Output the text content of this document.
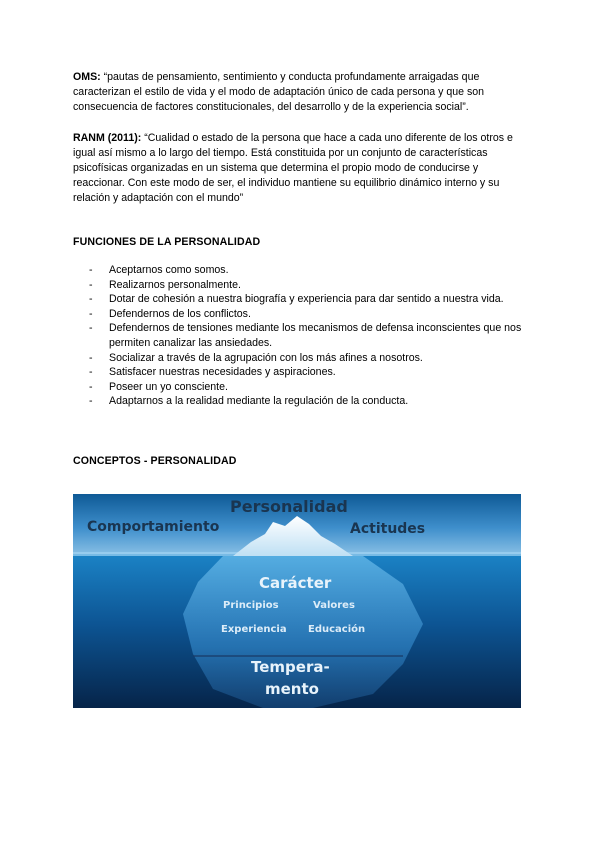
OMS: “pautas de pensamiento, sentimiento y conducta profundamente arraigadas que caracterizan el estilo de vida y el modo de adaptación único de cada persona y que son consecuencia de factores constitucionales, del desarrollo y de la experiencia social”.

RANM (2011): “Cualidad o estado de la persona que hace a cada uno diferente de los otros e igual así mismo a lo largo del tiempo. Está constituida por un conjunto de características psicofísicas organizadas en un sistema que determina el propio modo de conducirse y reaccionar. Con este modo de ser, el individuo mantiene su equilibrio dinámico interno y su relación y adaptación con el mundo”

FUNCIONES DE LA PERSONALIDAD
- Aceptarnos como somos.
- Realizarnos personalmente.
- Dotar de cohesión a nuestra biografía y experiencia para dar sentido a nuestra vida.
- Defendernos de los conflictos.
- Defendernos de tensiones mediante los mecanismos de defensa inconscientes que nos permiten canalizar las ansiedades.
- Socializar a través de la agrupación con los más afines a nosotros.
- Satisfacer nuestras necesidades y aspiraciones.
- Poseer un yo consciente.
- Adaptarnos a la realidad mediante la regulación de la conducta.
CONCEPTOS - PERSONALIDAD
Personalidad
Comportamiento	Actitudes
Carácter
Principios	Valores
Experiencia Educación
Tempera-
mento
